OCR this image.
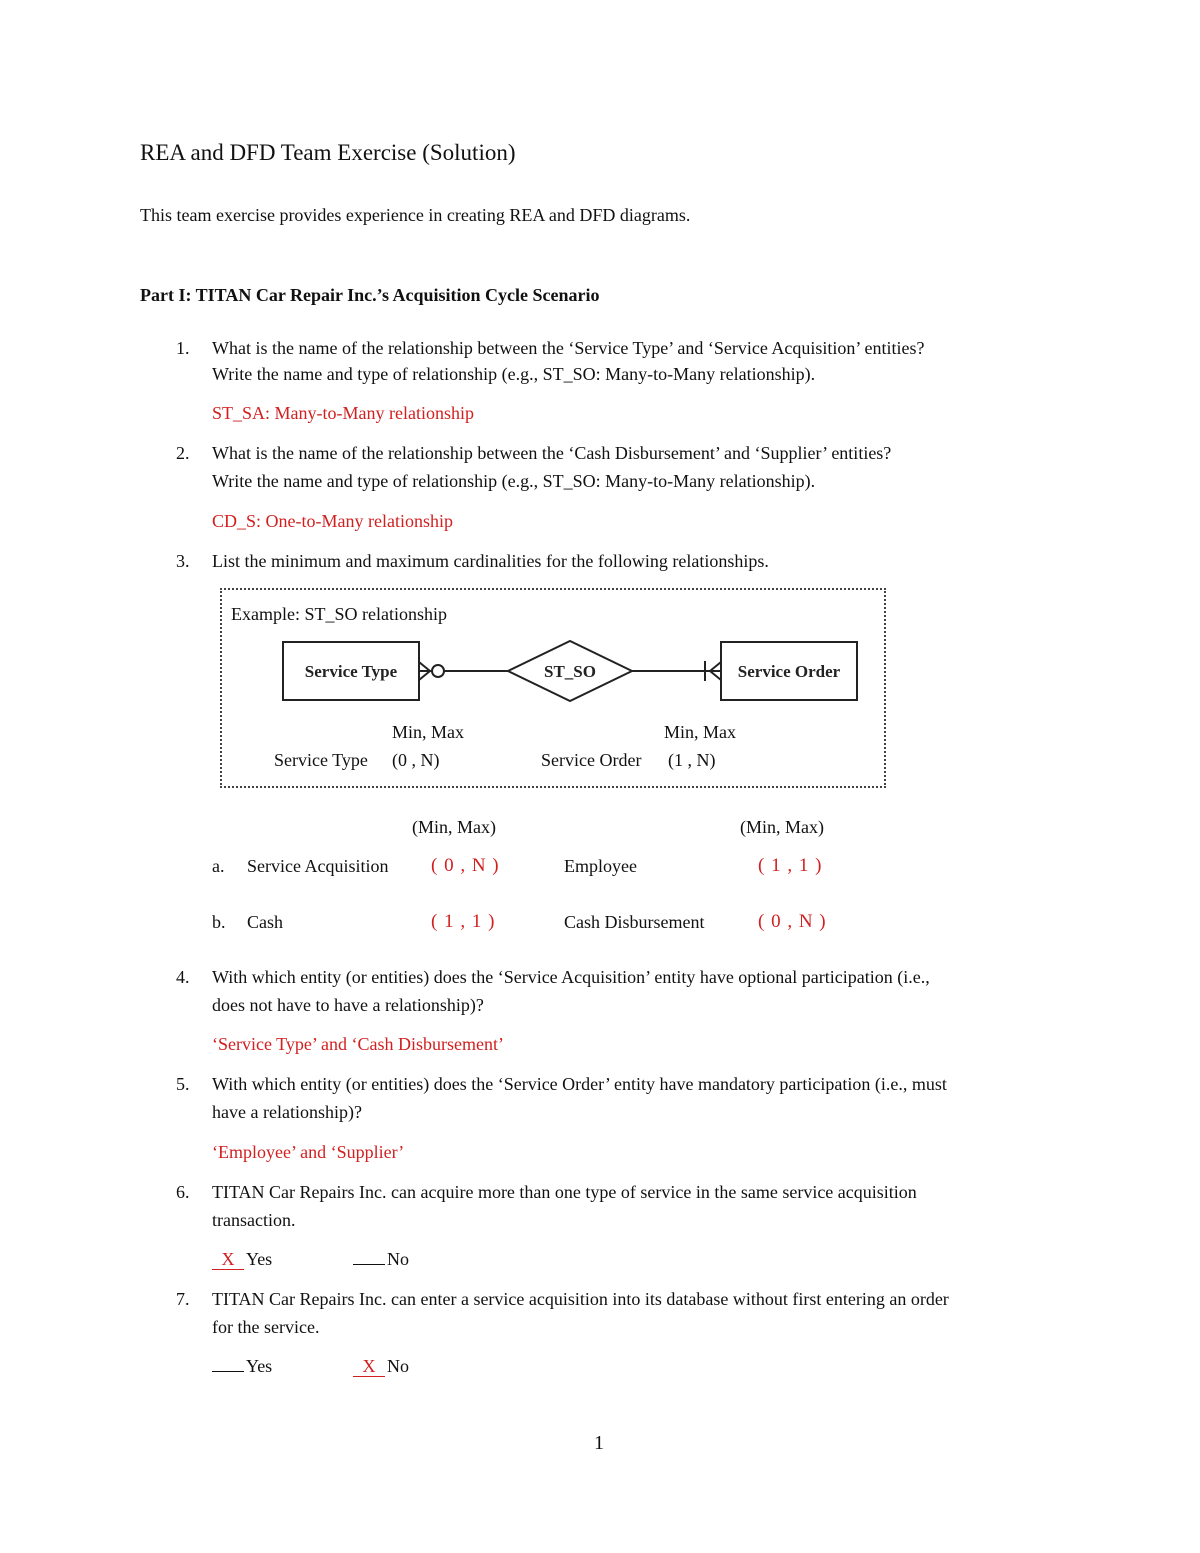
REA and DFD Team Exercise (Solution)
This team exercise provides experience in creating REA and DFD diagrams.
Part I: TITAN Car Repair Inc.’s Acquisition Cycle Scenario
1.	What is the name of the relationship between the ‘Service Type’ and ‘Service Acquisition’ entities?
Write the name and type of relationship (e.g., ST_SO: Many-to-Many relationship).
ST_SA: Many-to-Many relationship
2.	What is the name of the relationship between the ‘Cash Disbursement’ and ‘Supplier’ entities?
Write the name and type of relationship (e.g., ST_SO: Many-to-Many relationship).
CD_S: One-to-Many relationship
3.	List the minimum and maximum cardinalities for the following relationships.
Example: ST_SO relationship
Service Type	ST_SO	Service Order
Min, Max	Min, Max
Service Type (0 , N)	Service Order (1 , N)
(Min, Max)	(Min, Max)
a. Service Acquisition ( 0 , N )	Employee	( 1 , 1 )
b. Cash	( 1 , 1 )	Cash Disbursement	( 0 , N )
4.	With which entity (or entities) does the ‘Service Acquisition’ entity have optional participation (i.e.,
does not have to have a relationship)?
‘Service Type’ and ‘Cash Disbursement’
5.	With which entity (or entities) does the ‘Service Order’ entity have mandatory participation (i.e., must
have a relationship)?
‘Employee’ and ‘Supplier’
6.	TITAN Car Repairs Inc. can acquire more than one type of service in the same service acquisition
transaction.
X Yes	No
7.	TITAN Car Repairs Inc. can enter a service acquisition into its database without first entering an order
for the service.
Yes	X No
1
